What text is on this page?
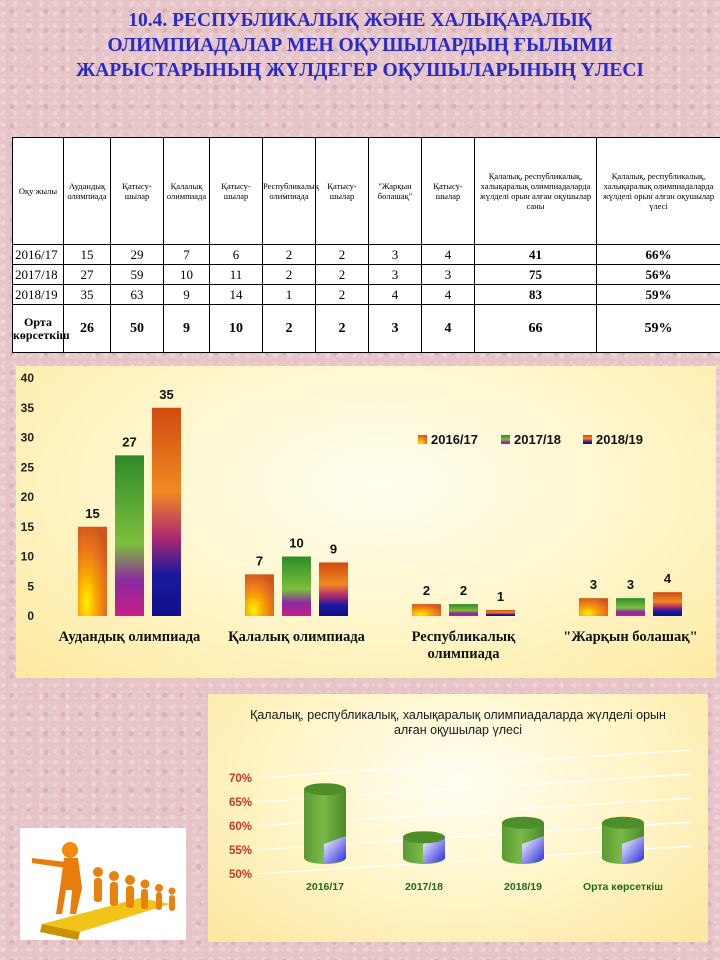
10.4. РЕСПУБЛИКАЛЫҚ ЖӘНЕ ХАЛЫҚАРАЛЫҚ ОЛИМПИАДАЛАР МЕН ОҚУШЫЛАРДЫҢ ҒЫЛЫМИ ЖАРЫСТАРЫНЫҢ ЖҮЛДЕГЕР ОҚУШЫЛАРЫНЫҢ ҮЛЕСІ
Оқу жылы	Аудандық олимпиада	Қатысу-шылар	Қалалық олимпиада	Қатысу-шылар	Республикалық олимпиада	Қатысу-шылар	"Жарқын болашақ"	Қатысу-шылар	Қалалық, республикалық, халықаралық олимпиадаларда жүлделі орын алған оқушылар саны	Қалалық, республикалық, халықаралық олимпиадаларда жүлделі орын алған оқушылар үлесі
2016/17	15	29	7	6	2	2	3	4	41	66%
2017/18	27	59	10	11	2	2	3	3	75	56%
2018/19	35	63	9	14	1	2	4	4	83	59%
Орта көрсеткіш	26	50	9	10	2	2	3	4	66	59%
0
5
10
15
20
25
30
35
40
15
27
35
7
10 9
2 2 1
3 3 4
Аудандық олимпиада Қалалық олимпиада	Республикалық
олимпиада
"Жарқын болашақ"
2016/17	2017/18	2018/19
Қалалық, республикалық, халықаралық олимпиадаларда жүлделі орын алған оқушылар үлесі
50%
55%
60%
65%
70%
2016/17	2017/18	2018/19	Орта көрсеткіш
